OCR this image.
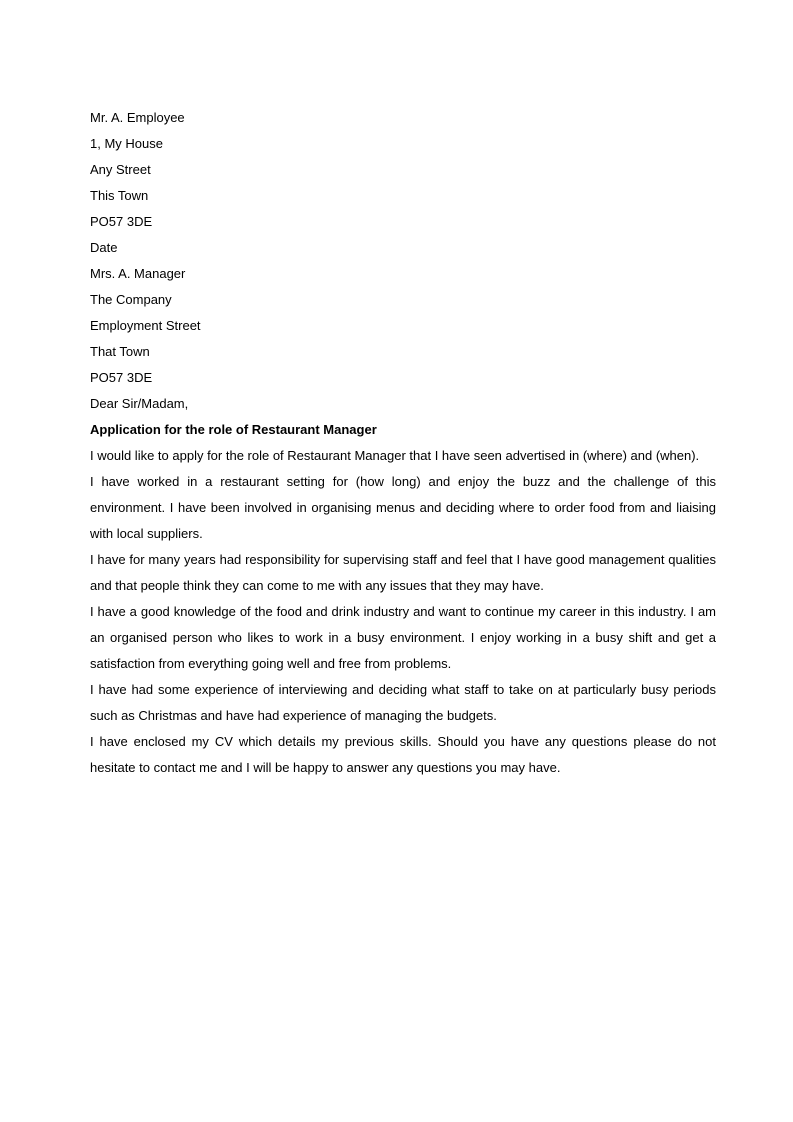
Mr. A. Employee
1, My House
Any Street
This Town
PO57 3DE
Date
Mrs. A. Manager
The Company
Employment Street
That Town
PO57 3DE
Dear Sir/Madam,
Application for the role of Restaurant Manager

I would like to apply for the role of Restaurant Manager that I have seen advertised in (where) and (when).

I have worked in a restaurant setting for (how long) and enjoy the buzz and the challenge of this environment. I have been involved in organising menus and deciding where to order food from and liaising with local suppliers.

I have for many years had responsibility for supervising staff and feel that I have good management qualities and that people think they can come to me with any issues that they may have.

I have a good knowledge of the food and drink industry and want to continue my career in this industry. I am an organised person who likes to work in a busy environment. I enjoy working in a busy shift and get a satisfaction from everything going well and free from problems.

I have had some experience of interviewing and deciding what staff to take on at particularly busy periods such as Christmas and have had experience of managing the budgets.

I have enclosed my CV which details my previous skills. Should you have any questions please do not hesitate to contact me and I will be happy to answer any questions you may have.
